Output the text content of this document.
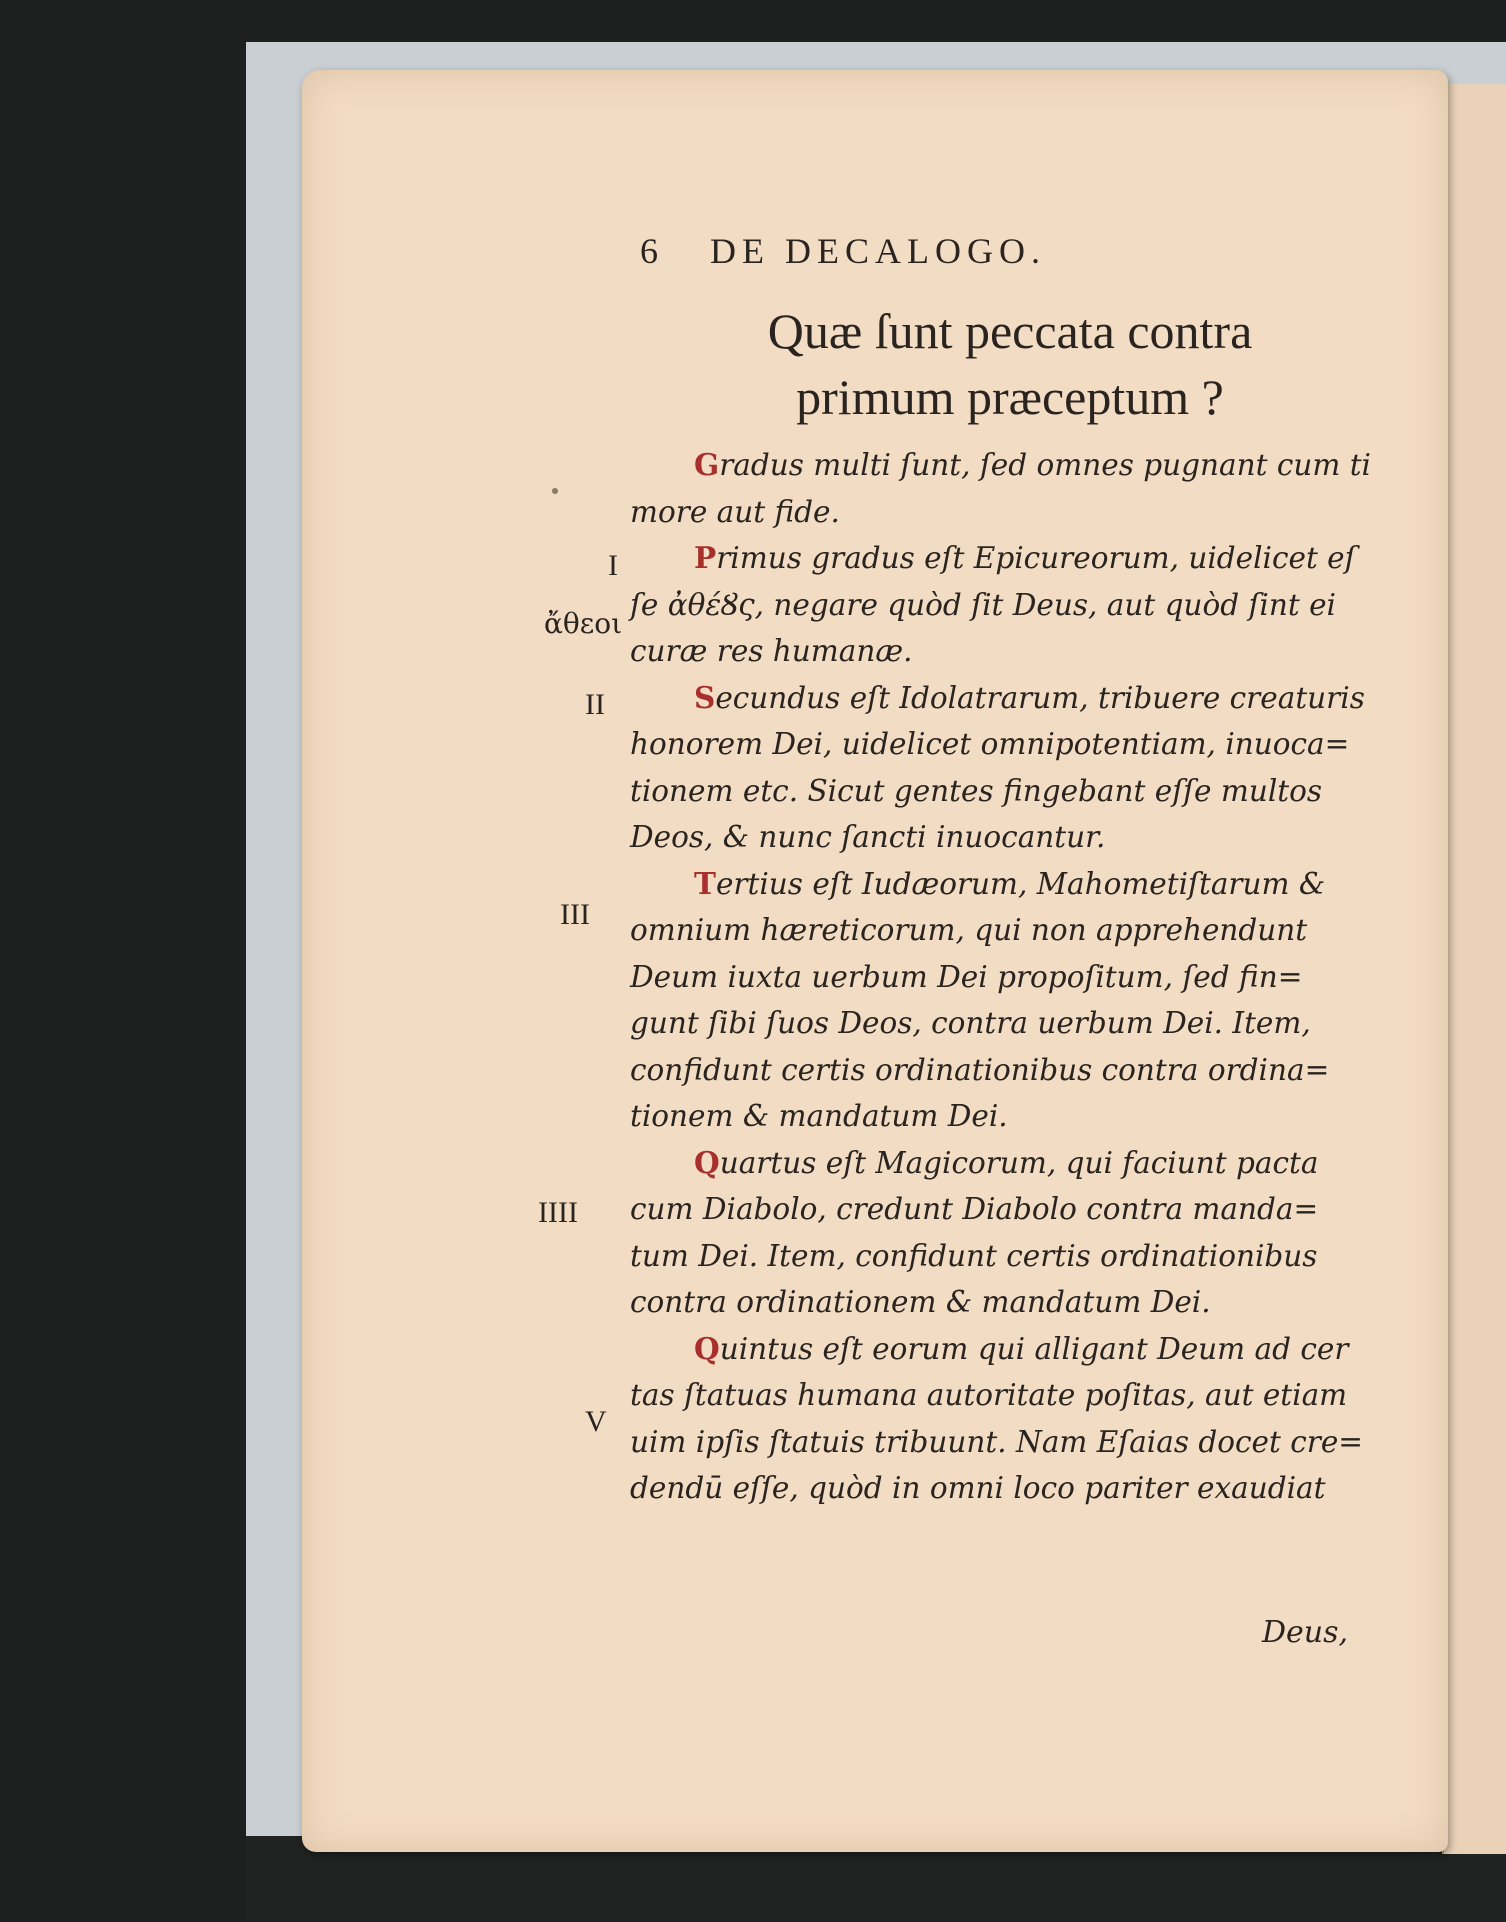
6 DE DECALOGO.
Quæ ſunt peccata contra
primum præceptum ?
I
II
III
IIII
V
ἄθεοι

Gradus multi ſunt, ſed omnes pugnant cum ti
more aut fide.

Primus gradus eſt Epicureorum, uidelicet eſ
ſe ἀθέȢς, negare quòd ſit Deus, aut quòd ſint ei
curæ res humanæ.

Secundus eſt Idolatrarum, tribuere creaturis
honorem Dei, uidelicet omnipotentiam, inuoca=
tionem etc. Sicut gentes fingebant eſſe multos
Deos, & nunc ſancti inuocantur.

Tertius eſt Iudæorum, Mahometiſtarum &
omnium hæreticorum, qui non apprehendunt
Deum iuxta uerbum Dei propoſitum, ſed fin=
gunt ſibi ſuos Deos, contra uerbum Dei. Item,
confidunt certis ordinationibus contra ordina=
tionem & mandatum Dei.

Quartus eſt Magicorum, qui faciunt pacta
cum Diabolo, credunt Diabolo contra manda=
tum Dei. Item, confidunt certis ordinationibus
contra ordinationem & mandatum Dei.

Quintus eſt eorum qui alligant Deum ad cer
tas ſtatuas humana autoritate poſitas, aut etiam
uim ipſis ſtatuis tribuunt. Nam Eſaias docet cre=
dendū eſſe, quòd in omni loco pariter exaudiat

Deus,
